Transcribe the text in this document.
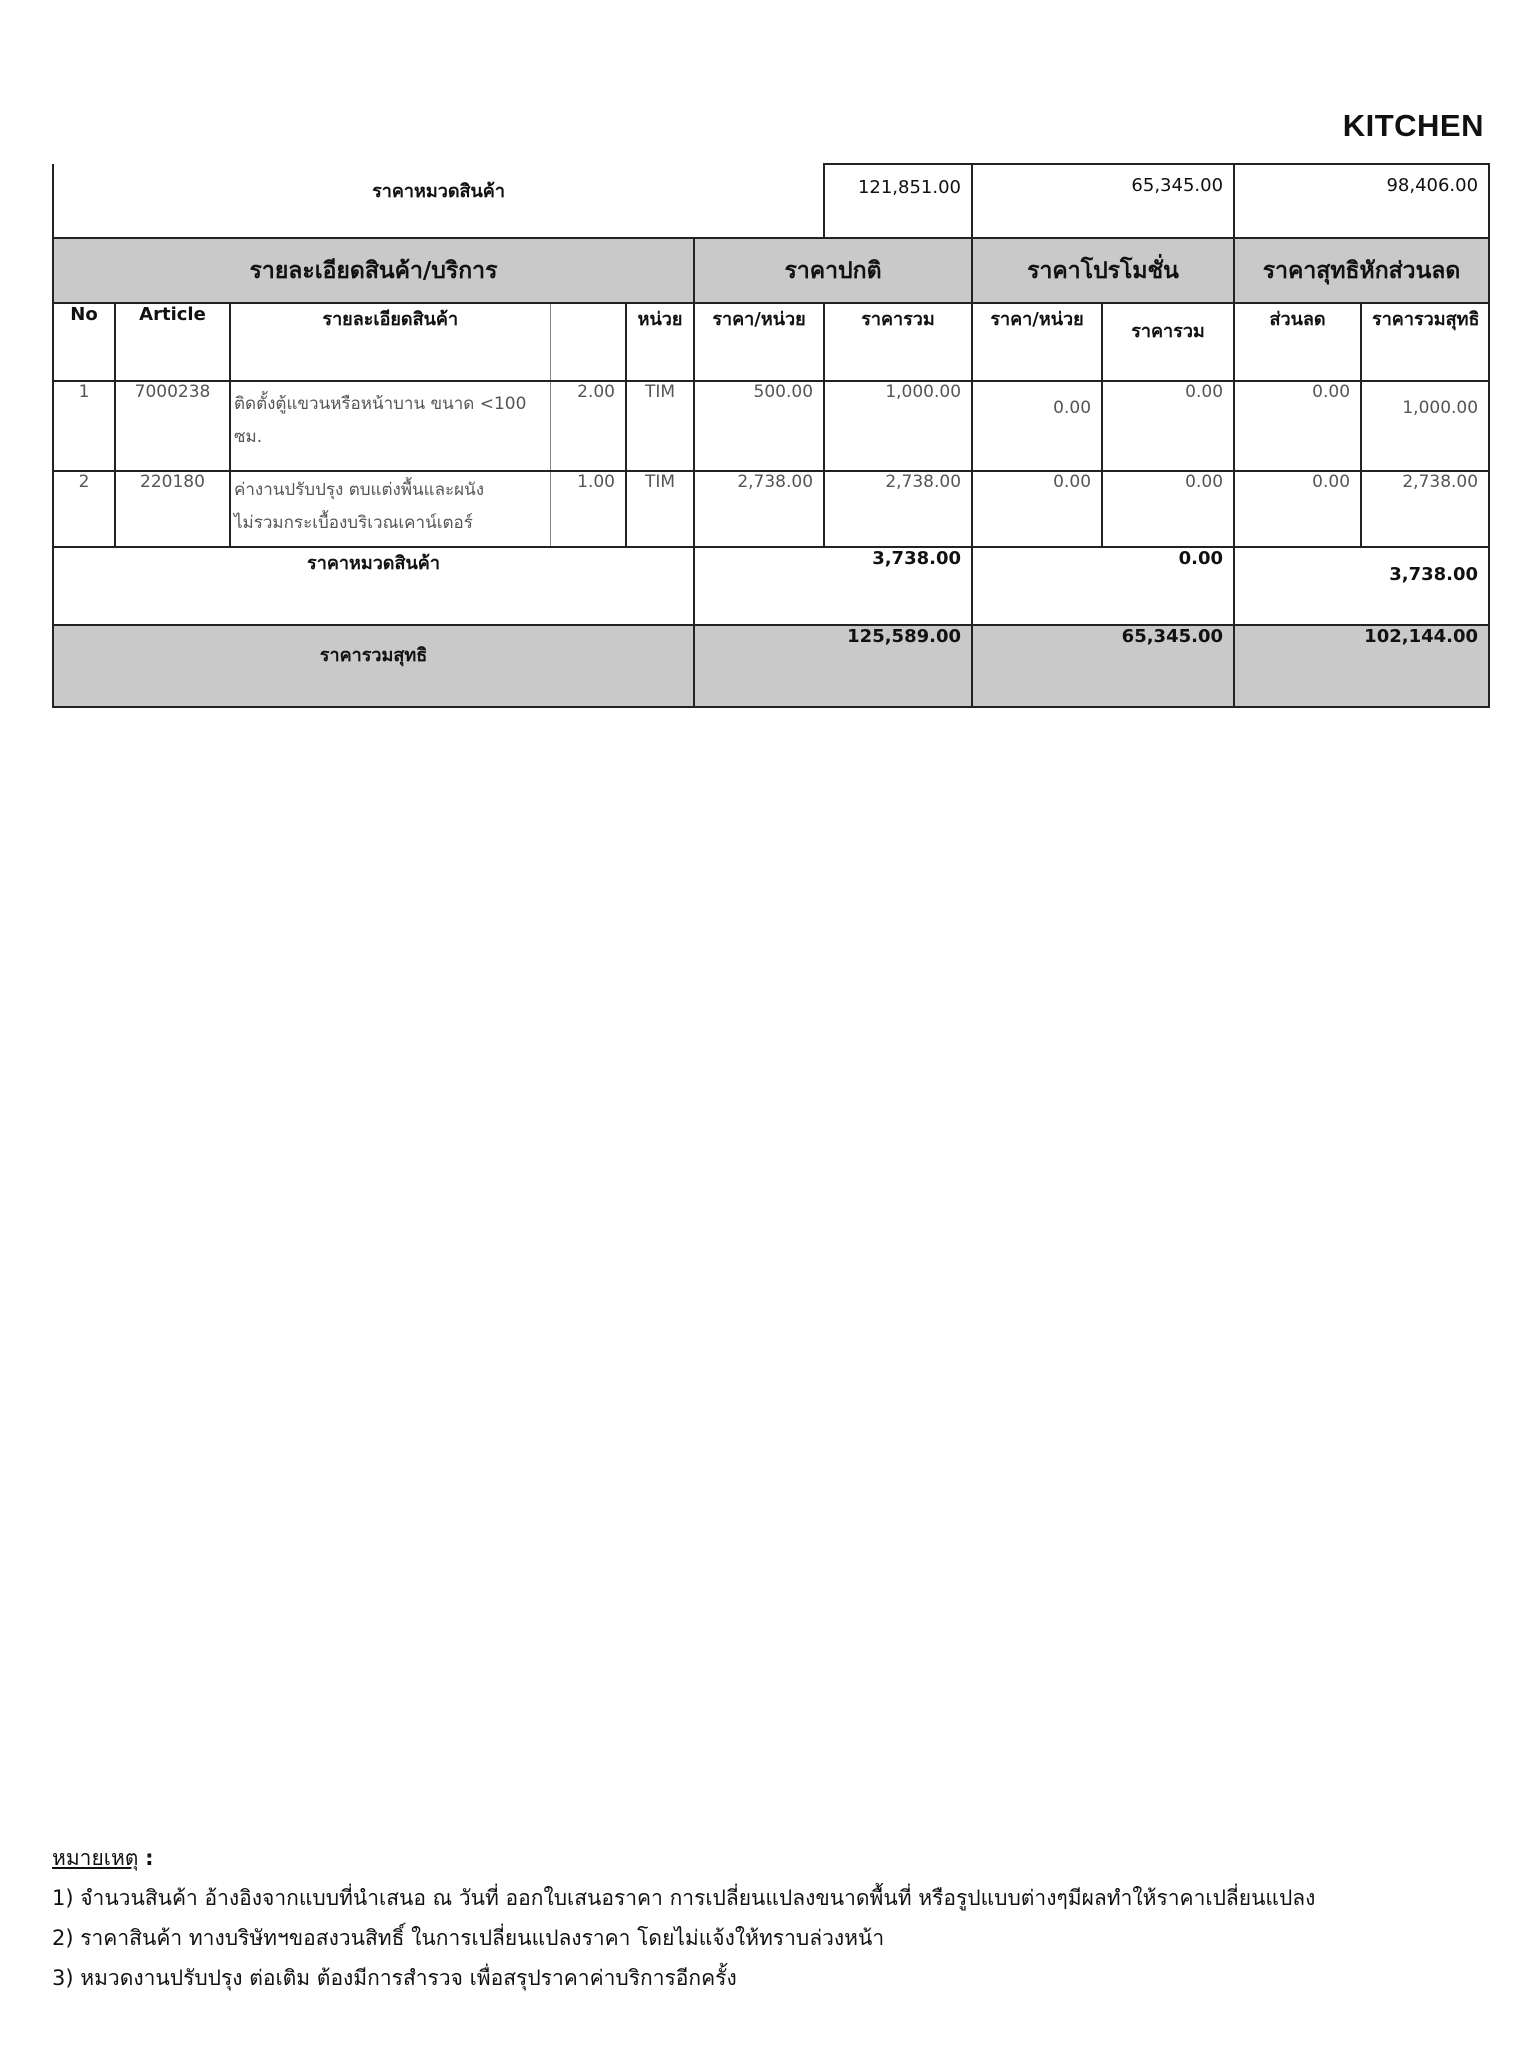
KITCHEN
ราคาหมวดสินค้า						121,851.00	65,345.00		98,406.00	
รายละเอียดสินค้า/บริการ					ราคาปกติ		ราคาโปรโมชั่น		ราคาสุทธิหักส่วนลด	
No	Article	รายละเอียดสินค้า		หน่วย	ราคา/หน่วย	ราคารวม	ราคา/หน่วย	ราคารวม	ส่วนลด	ราคารวมสุทธิ
1	7000238	ติดตั้งตู้แขวนหรือหน้าบาน ขนาด <100 ซม.	2.00	TIM	500.00	1,000.00	0.00	0.00	0.00	1,000.00
2	220180	ค่างานปรับปรุง ตบแต่งพื้นและผนัง
ไม่รวมกระเบื้องบริเวณเคาน์เตอร์	1.00	TIM	2,738.00	2,738.00	0.00	0.00	0.00	2,738.00
ราคาหมวดสินค้า					3,738.00		0.00		3,738.00	
ราคารวมสุทธิ					125,589.00		65,345.00		102,144.00	
หมายเหตุ :
1) จำนวนสินค้า อ้างอิงจากแบบที่นำเสนอ ณ วันที่ ออกใบเสนอราคา การเปลี่ยนแปลงขนาดพื้นที่ หรือรูปแบบต่างๆมีผลทำให้ราคาเปลี่ยนแปลง
2) ราคาสินค้า ทางบริษัทฯขอสงวนสิทธิ์ ในการเปลี่ยนแปลงราคา โดยไม่แจ้งให้ทราบล่วงหน้า
3) หมวดงานปรับปรุง ต่อเติม ต้องมีการสำรวจ เพื่อสรุปราคาค่าบริการอีกครั้ง
